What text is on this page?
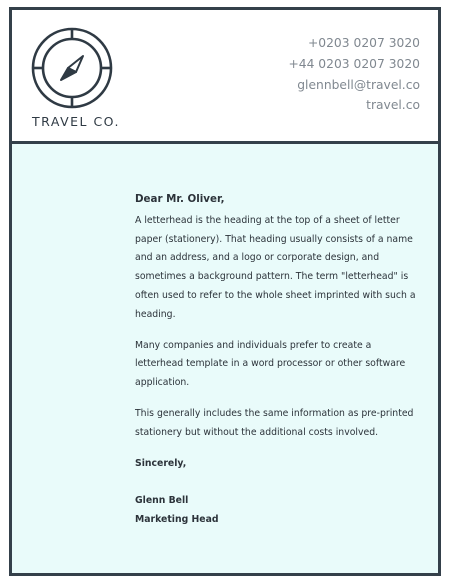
TRAVEL CO.
+0203 0207 3020
+44 0203 0207 3020
glennbell@travel.co
travel.co
Dear Mr. Oliver,

A letterhead is the heading at the top of a sheet of letter paper (stationery). That heading usually consists of a name and an address, and a logo or corporate design, and sometimes a background pattern. The term "letterhead" is often used to refer to the whole sheet imprinted with such a heading.

Many companies and individuals prefer to create a letterhead template in a word processor or other software application.

This generally includes the same information as pre-printed stationery but without the additional costs involved.

Sincerely,
Glenn Bell
Marketing Head
